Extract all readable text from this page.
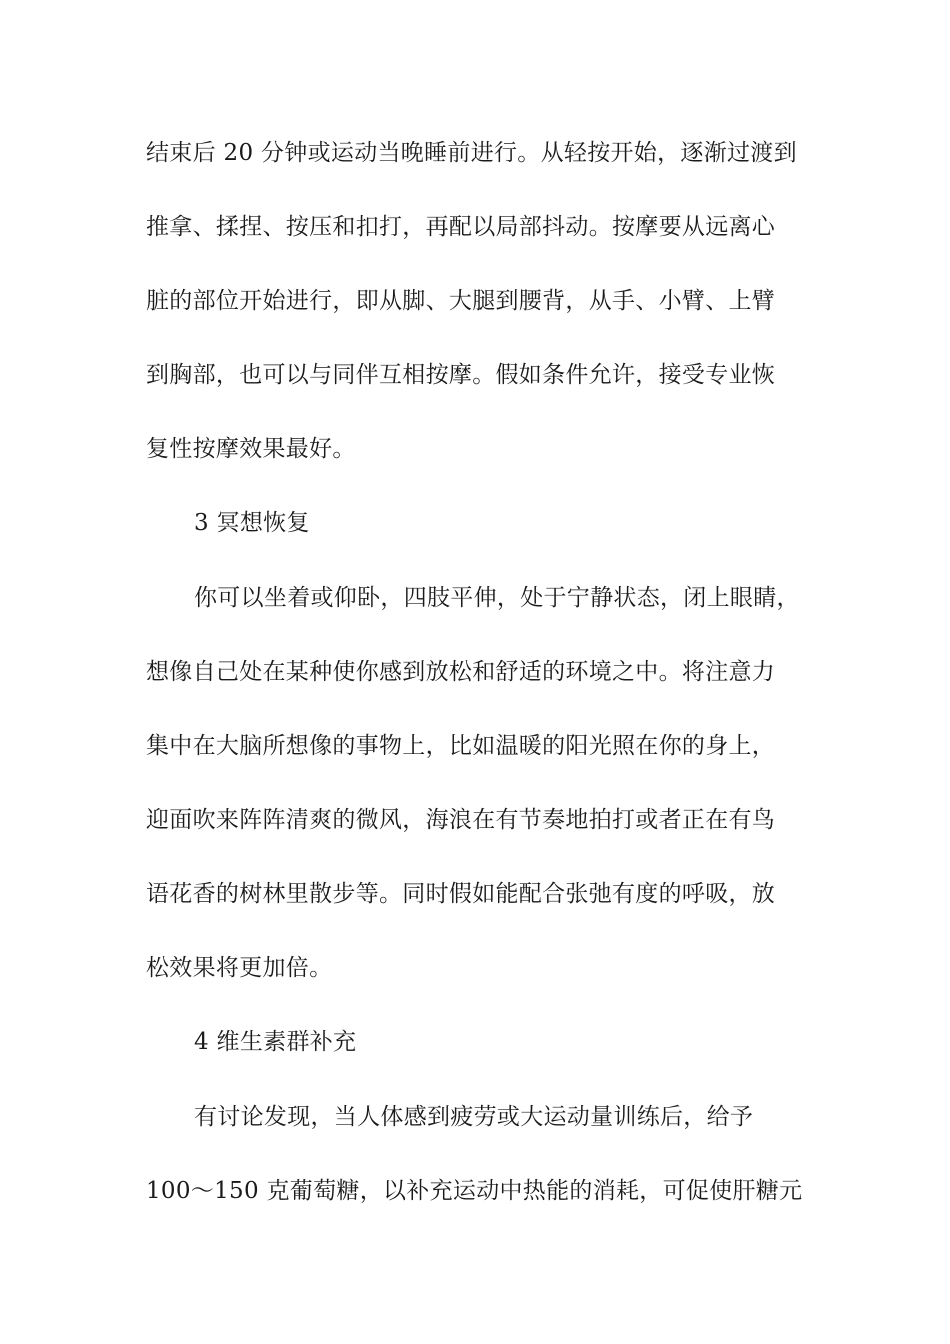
结束后 20 分钟或运动当晚睡前进行。从轻按开始，逐渐过渡到
推拿、揉捏、按压和扣打，再配以局部抖动。按摩要从远离心
脏的部位开始进行，即从脚、大腿到腰背，从手、小臂、上臂
到胸部，也可以与同伴互相按摩。假如条件允许，接受专业恢
复性按摩效果最好。
3 冥想恢复
你可以坐着或仰卧，四肢平伸，处于宁静状态，闭上眼睛，
想像自己处在某种使你感到放松和舒适的环境之中。将注意力
集中在大脑所想像的事物上，比如温暖的阳光照在你的身上，
迎面吹来阵阵清爽的微风，海浪在有节奏地拍打或者正在有鸟
语花香的树林里散步等。同时假如能配合张弛有度的呼吸，放
松效果将更加倍。
4 维生素群补充
有讨论发现，当人体感到疲劳或大运动量训练后，给予
100～150 克葡萄糖，以补充运动中热能的消耗，可促使肝糖元
